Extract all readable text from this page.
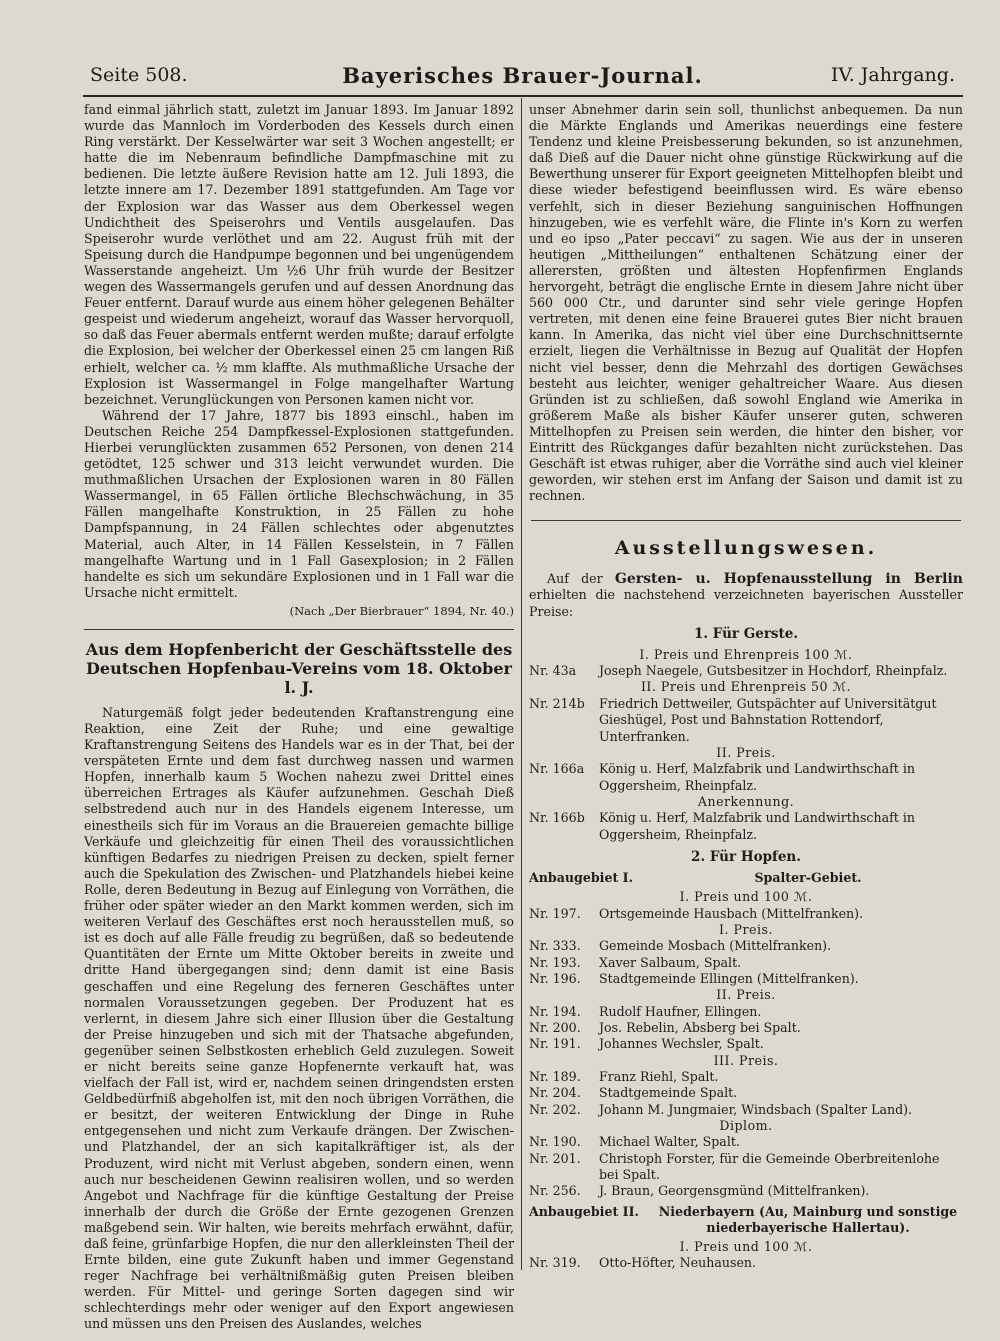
Seite 508.	Bayerisches Brauer-Journal.	IV. Jahrgang.

fand einmal jährlich statt, zuletzt im Januar 1893. Im Januar 1892 wurde das Mannloch im Vorderboden des Kessels durch einen Ring verstärkt. Der Kesselwärter war seit 3 Wochen angestellt; er hatte die im Nebenraum befindliche Dampfmaschine mit zu bedienen. Die letzte äußere Revision hatte am 12. Juli 1893, die letzte innere am 17. Dezember 1891 stattgefunden. Am Tage vor der Explosion war das Wasser aus dem Oberkessel wegen Undichtheit des Speiserohrs und Ventils ausgelaufen. Das Speiserohr wurde verlöthet und am 22. August früh mit der Speisung durch die Handpumpe begonnen und bei ungenügendem Wasserstande angeheizt. Um ½6 Uhr früh wurde der Besitzer wegen des Wassermangels gerufen und auf dessen Anordnung das Feuer entfernt. Darauf wurde aus einem höher gelegenen Behälter gespeist und wiederum angeheizt, worauf das Wasser hervorquoll, so daß das Feuer abermals entfernt werden mußte; darauf erfolgte die Explosion, bei welcher der Oberkessel einen 25 cm langen Riß erhielt, welcher ca. ½ mm klaffte. Als muthmaßliche Ursache der Explosion ist Wassermangel in Folge mangelhafter Wartung bezeichnet. Verunglückungen von Personen kamen nicht vor.

Während der 17 Jahre, 1877 bis 1893 einschl., haben im Deutschen Reiche 254 Dampfkessel-Explosionen stattgefunden. Hierbei verunglückten zusammen 652 Personen, von denen 214 getödtet, 125 schwer und 313 leicht verwundet wurden. Die muthmaßlichen Ursachen der Explosionen waren in 80 Fällen Wassermangel, in 65 Fällen örtliche Blechschwächung, in 35 Fällen mangelhafte Konstruktion, in 25 Fällen zu hohe Dampfspannung, in 24 Fällen schlechtes oder abgenutztes Material, auch Alter, in 14 Fällen Kesselstein, in 7 Fällen mangelhafte Wartung und in 1 Fall Gasexplosion; in 2 Fällen handelte es sich um sekundäre Explosionen und in 1 Fall war die Ursache nicht ermittelt.

(Nach „Der Bierbrauer“ 1894, Nr. 40.)
Aus dem Hopfenbericht der Geschäftsstelle des Deutschen Hopfenbau-Vereins vom 18. Oktober l. J.

Naturgemäß folgt jeder bedeutenden Kraftanstrengung eine Reaktion, eine Zeit der Ruhe; und eine gewaltige Kraftanstrengung Seitens des Handels war es in der That, bei der verspäteten Ernte und dem fast durchweg nassen und warmen Hopfen, innerhalb kaum 5 Wochen nahezu zwei Drittel eines überreichen Ertrages als Käufer aufzunehmen. Geschah Dieß selbstredend auch nur in des Handels eigenem Interesse, um einestheils sich für im Voraus an die Brauereien gemachte billige Verkäufe und gleichzeitig für einen Theil des voraussichtlichen künftigen Bedarfes zu niedrigen Preisen zu decken, spielt ferner auch die Spekulation des Zwischen- und Platzhandels hiebei keine Rolle, deren Bedeutung in Bezug auf Einlegung von Vorräthen, die früher oder später wieder an den Markt kommen werden, sich im weiteren Verlauf des Geschäftes erst noch herausstellen muß, so ist es doch auf alle Fälle freudig zu begrüßen, daß so bedeutende Quantitäten der Ernte um Mitte Oktober bereits in zweite und dritte Hand übergegangen sind; denn damit ist eine Basis geschaffen und eine Regelung des ferneren Geschäftes unter normalen Voraussetzungen gegeben. Der Produzent hat es verlernt, in diesem Jahre sich einer Illusion über die Gestaltung der Preise hinzugeben und sich mit der Thatsache abgefunden, gegenüber seinen Selbstkosten erheblich Geld zuzulegen. Soweit er nicht bereits seine ganze Hopfenernte verkauft hat, was vielfach der Fall ist, wird er, nachdem seinen dringendsten ersten Geldbedürfniß abgeholfen ist, mit den noch übrigen Vorräthen, die er besitzt, der weiteren Entwicklung der Dinge in Ruhe entgegensehen und nicht zum Verkaufe drängen. Der Zwischen- und Platzhandel, der an sich kapitalkräftiger ist, als der Produzent, wird nicht mit Verlust abgeben, sondern einen, wenn auch nur bescheidenen Gewinn realisiren wollen, und so werden Angebot und Nachfrage für die künftige Gestaltung der Preise innerhalb der durch die Größe der Ernte gezogenen Grenzen maßgebend sein. Wir halten, wie bereits mehrfach erwähnt, dafür, daß feine, grünfarbige Hopfen, die nur den allerkleinsten Theil der Ernte bilden, eine gute Zukunft haben und immer Gegenstand reger Nachfrage bei verhältnißmäßig guten Preisen bleiben werden. Für Mittel- und geringe Sorten dagegen sind wir schlechterdings mehr oder weniger auf den Export angewiesen und müssen uns den Preisen des Auslandes, welches

unser Abnehmer darin sein soll, thunlichst anbequemen. Da nun die Märkte Englands und Amerikas neuerdings eine festere Tendenz und kleine Preisbesserung bekunden, so ist anzunehmen, daß Dieß auf die Dauer nicht ohne günstige Rückwirkung auf die Bewerthung unserer für Export geeigneten Mittelhopfen bleibt und diese wieder befestigend beeinflussen wird. Es wäre ebenso verfehlt, sich in dieser Beziehung sanguinischen Hoffnungen hinzugeben, wie es verfehlt wäre, die Flinte in's Korn zu werfen und eo ipso „Pater peccavi“ zu sagen. Wie aus der in unseren heutigen „Mittheilungen“ enthaltenen Schätzung einer der allerersten, größten und ältesten Hopfenfirmen Englands hervorgeht, beträgt die englische Ernte in diesem Jahre nicht über 560 000 Ctr., und darunter sind sehr viele geringe Hopfen vertreten, mit denen eine feine Brauerei gutes Bier nicht brauen kann. In Amerika, das nicht viel über eine Durchschnittsernte erzielt, liegen die Verhältnisse in Bezug auf Qualität der Hopfen nicht viel besser, denn die Mehrzahl des dortigen Gewächses besteht aus leichter, weniger gehaltreicher Waare. Aus diesen Gründen ist zu schließen, daß sowohl England wie Amerika in größerem Maße als bisher Käufer unserer guten, schweren Mittelhopfen zu Preisen sein werden, die hinter den bisher, vor Eintritt des Rückganges dafür bezahlten nicht zurückstehen. Das Geschäft ist etwas ruhiger, aber die Vorräthe sind auch viel kleiner geworden, wir stehen erst im Anfang der Saison und damit ist zu rechnen.

Ausstellungswesen.
Auf der Gersten- u. Hopfenausstellung in Berlin erhielten die nachstehend verzeichneten bayerischen Aussteller Preise:
1. Für Gerste.
I. Preis und Ehrenpreis 100 ℳ.
Nr. 43a	Joseph Naegele, Gutsbesitzer in Hochdorf, Rheinpfalz.
II. Preis und Ehrenpreis 50 ℳ.
Nr. 214b	Friedrich Dettweiler, Gutspächter auf Universitätgut Gieshügel, Post und Bahnstation Rottendorf, Unterfranken.
II. Preis.
Nr. 166a	König u. Herf, Malzfabrik und Landwirthschaft in Oggersheim, Rheinpfalz.
Anerkennung.
Nr. 166b	König u. Herf, Malzfabrik und Landwirthschaft in Oggersheim, Rheinpfalz.
2. Für Hopfen.
Anbaugebiet I.	Spalter-Gebiet.
I. Preis und 100 ℳ.
Nr. 197.	Ortsgemeinde Hausbach (Mittelfranken).
I. Preis.
Nr. 333.	Gemeinde Mosbach (Mittelfranken).
Nr. 193.	Xaver Salbaum, Spalt.
Nr. 196.	Stadtgemeinde Ellingen (Mittelfranken).
II. Preis.
Nr. 194.	Rudolf Haufner, Ellingen.
Nr. 200.	Jos. Rebelin, Absberg bei Spalt.
Nr. 191.	Johannes Wechsler, Spalt.
III. Preis.
Nr. 189.	Franz Riehl, Spalt.
Nr. 204.	Stadtgemeinde Spalt.
Nr. 202.	Johann M. Jungmaier, Windsbach (Spalter Land).
Diplom.
Nr. 190.	Michael Walter, Spalt.
Nr. 201.	Christoph Forster, für die Gemeinde Oberbreitenlohe bei Spalt.
Nr. 256.	J. Braun, Georgensgmünd (Mittelfranken).
Anbaugebiet II.	Niederbayern (Au, Mainburg und sonstige niederbayerische Hallertau).
I. Preis und 100 ℳ.
Nr. 319.	Otto-Höfter, Neuhausen.
